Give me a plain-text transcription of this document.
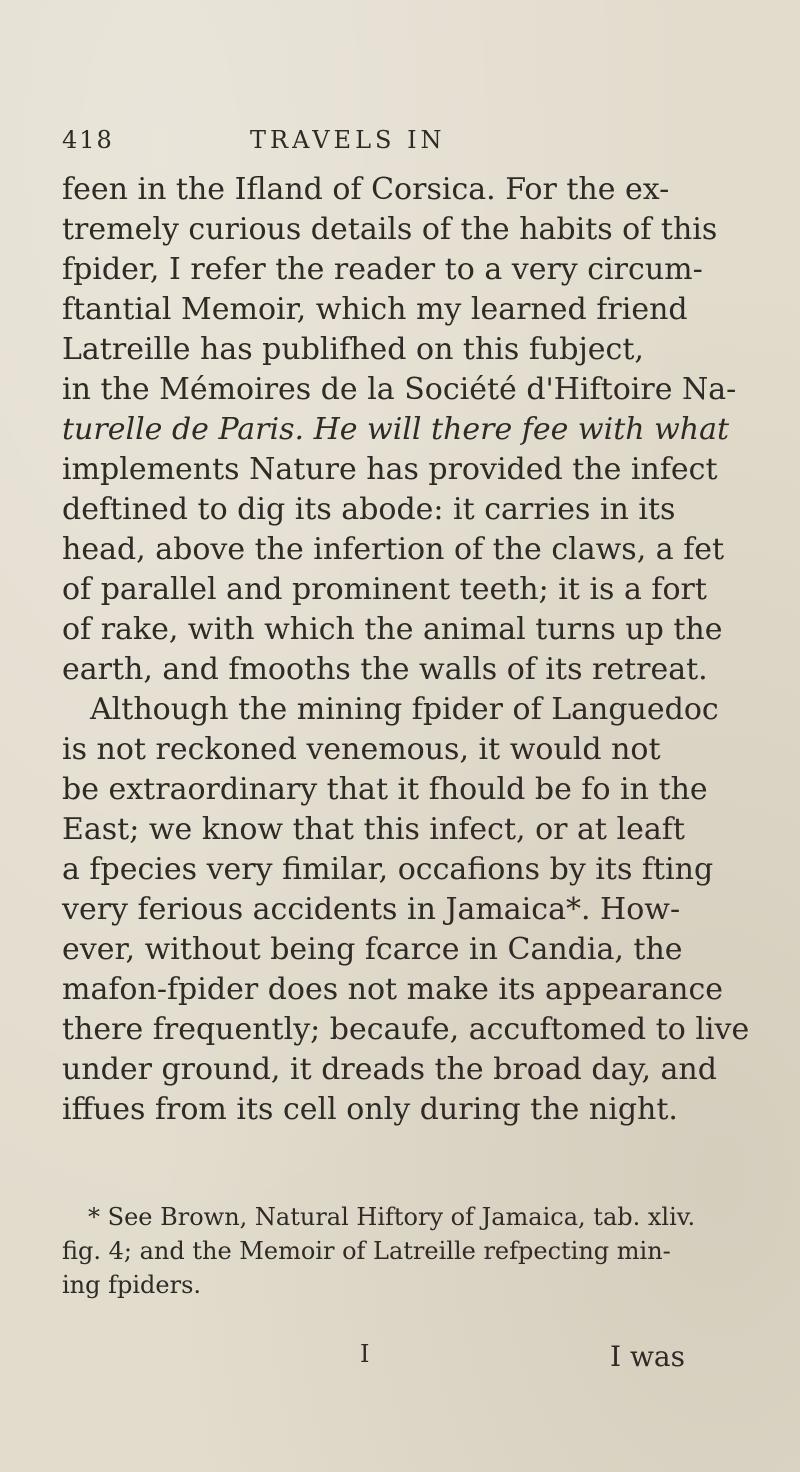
418	TRAVELS IN
feen in the Ifland of Corsica. For the ex-
tremely curious details of the habits of this
fpider, I refer the reader to a very circum-
ftantial Memoir, which my learned friend
Latreille has publifhed on this fubject,
in the Mémoires de la Société d'Hiftoire Na-
turelle de Paris. He will there fee with what
implements Nature has provided the infect
deftined to dig its abode: it carries in its
head, above the infertion of the claws, a fet
of parallel and prominent teeth; it is a fort
of rake, with which the animal turns up the
earth, and fmooths the walls of its retreat.
Although the mining fpider of Languedoc is not reckoned venemous, it would not
be extraordinary that it fhould be fo in the
East; we know that this infect, or at leaft
a fpecies very fimilar, occafions by its fting
very ferious accidents in Jamaica*. How-
ever, without being fcarce in Candia, the
mafon-fpider does not make its appearance
there frequently; becaufe, accuftomed to live
under ground, it dreads the broad day, and
iffues from its cell only during the night.
* See Brown, Natural Hiftory of Jamaica, tab. xliv.
fig. 4; and the Memoir of Latreille refpecting min-
ing fpiders.
I	I was
